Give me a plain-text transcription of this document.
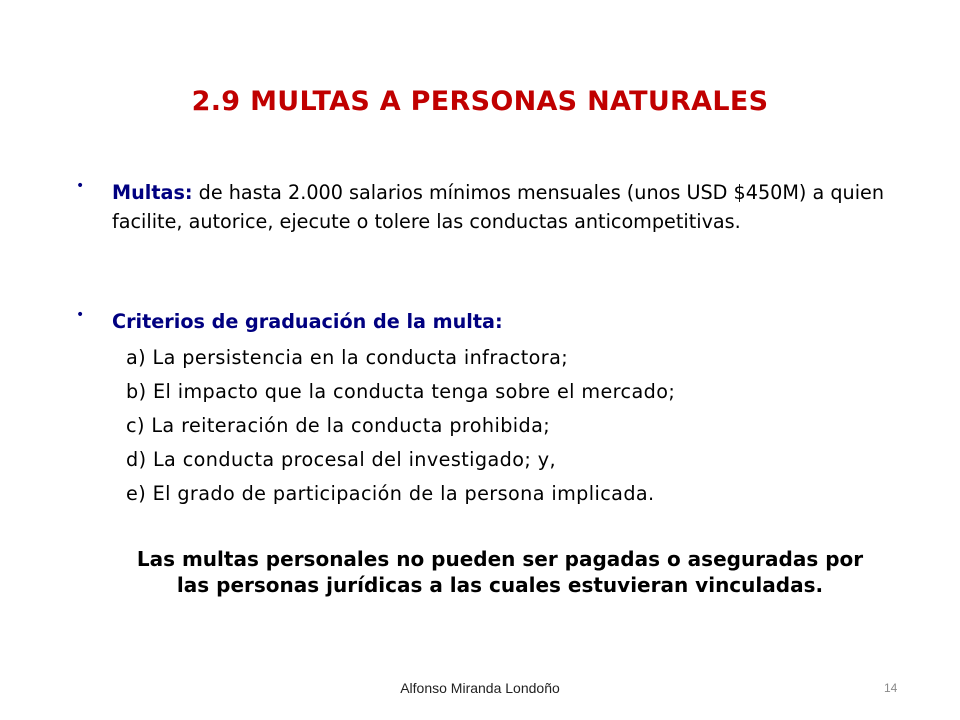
2.9 MULTAS A PERSONAS NATURALES
• Multas: de hasta 2.000 salarios mínimos mensuales (unos USD $450M) a quien facilite, autorice, ejecute o tolere las conductas anticompetitivas.
• Criterios de graduación de la multa:
a) La persistencia en la conducta infractora;
b) El impacto que la conducta tenga sobre el mercado;
c) La reiteración de la conducta prohibida;
d) La conducta procesal del investigado; y,
e) El grado de participación de la persona implicada.
Las multas personales no pueden ser pagadas o aseguradas por las personas jurídicas a las cuales estuvieran vinculadas.
Alfonso Miranda Londoño	14
